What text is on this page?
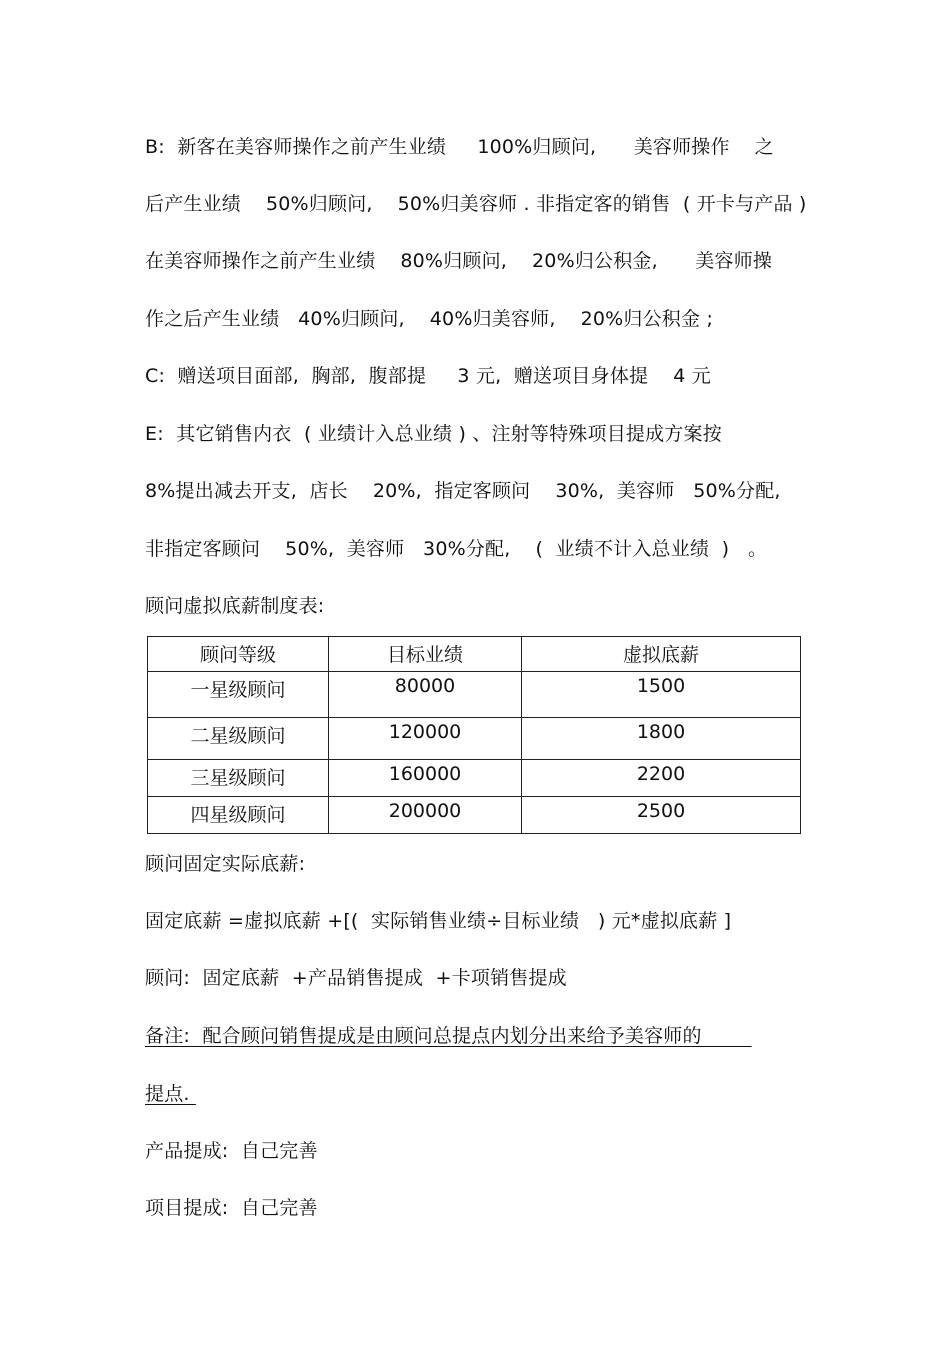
B:  新客在美容师操作之前产生业绩     100%归顾问,      美容师操作    之
后产生业绩    50%归顾问,    50%归美容师 . 非指定客的销售  ( 开卡与产品 )
在美容师操作之前产生业绩    80%归顾问,    20%归公积金,      美容师操
作之后产生业绩   40%归顾问,    40%归美容师,    20%归公积金 ;
C:  赠送项目面部,  胸部,  腹部提     3 元,  赠送项目身体提    4 元
E:  其它销售内衣  ( 业绩计入总业绩 ) 、注射等特殊项目提成方案按
8%提出减去开支,  店长    20%,  指定客顾问    30%,  美容师   50%分配,
非指定客顾问    50%,  美容师   30%分配,    (  业绩不计入总业绩  )   。
顾问虚拟底薪制度表:
顾问等级	目标业绩	虚拟底薪
一星级顾问	80000	1500
二星级顾问	120000	1800
三星级顾问	160000	2200
四星级顾问	200000	2500
顾问固定实际底薪:
固定底薪 =虚拟底薪 +[(  实际销售业绩÷目标业绩   ) 元*虚拟底薪 ]
顾问:  固定底薪  +产品销售提成  +卡项销售提成
备注:  配合顾问销售提成是由顾问总提点内划分出来给予美容师的
提点.
产品提成:  自己完善
项目提成:  自己完善
